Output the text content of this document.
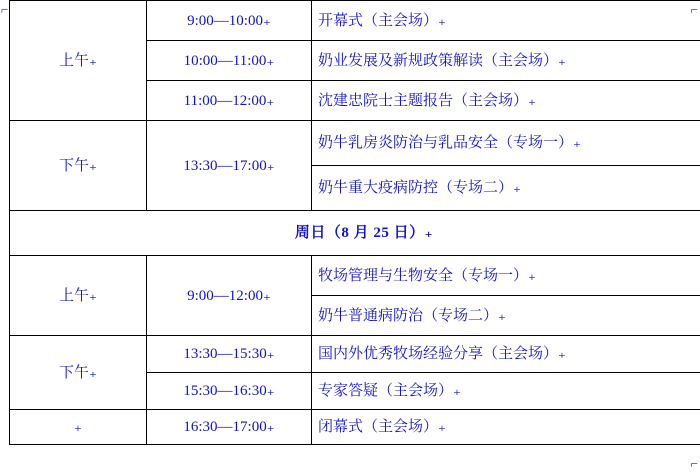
⌐	⌐
⌐
上午₊	9:00—10:00₊	开幕式（主会场）₊
	10:00—11:00₊	奶业发展及新规政策解读（主会场）₊
	11:00—12:00₊	沈建忠院士主题报告（主会场）₊
下午₊	13:30—17:00₊	奶牛乳房炎防治与乳品安全（专场一）₊
		奶牛重大疫病防控（专场二）₊
周日（8 月 25 日）₊		
上午₊	9:00—12:00₊	牧场管理与生物安全（专场一）₊
		奶牛普通病防治（专场二）₊
下午₊	13:30—15:30₊	国内外优秀牧场经验分享（主会场）₊
	15:30—16:30₊	专家答疑（主会场）₊
₊	16:30—17:00₊	闭幕式（主会场）₊
